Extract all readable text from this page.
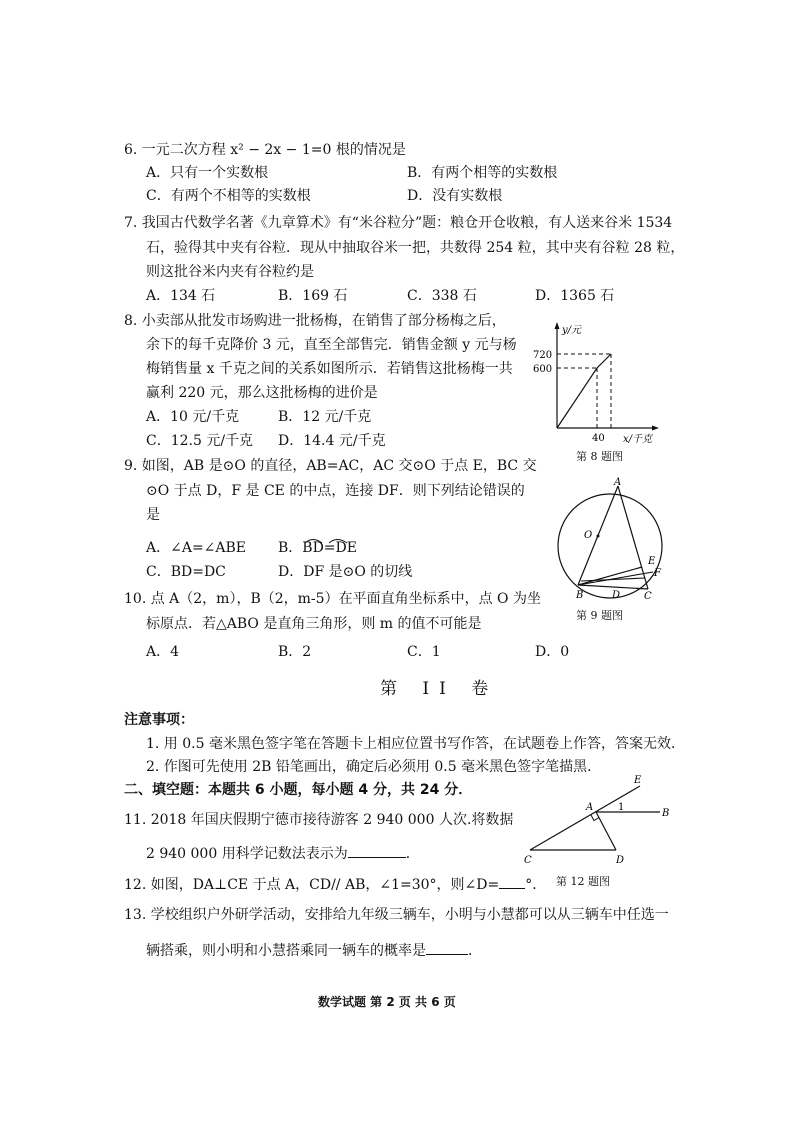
6. 一元二次方程 x² − 2x − 1=0 根的情况是
A．只有一个实数根	B．有两个相等的实数根
C．有两个不相等的实数根	D．没有实数根
7. 我国古代数学名著《九章算术》有“米谷粒分”题：粮仓开仓收粮，有人送来谷米 1534
石，验得其中夹有谷粒．现从中抽取谷米一把，共数得 254 粒，其中夹有谷粒 28 粒，
则这批谷米内夹有谷粒约是
A．134 石	B．169 石	C．338 石	D．1365 石
8. 小卖部从批发市场购进一批杨梅，在销售了部分杨梅之后，
余下的每千克降价 3 元，直至全部售完．销售金额 y 元与杨
梅销售量 x 千克之间的关系如图所示．若销售这批杨梅一共
赢利 220 元，那么这批杨梅的进价是
A．10 元/千克	B．12 元/千克
C．12.5 元/千克 D．14.4 元/千克
y/元
720
600
40 x/千克
第 8 题图
9. 如图，AB 是⊙O 的直径，AB=AC，AC 交⊙O 于点 E，BC 交
⊙O 于点 D，F 是 CE 的中点，连接 DF．则下列结论错误的
是
A．∠A=∠ABE B．BD=DE
C．BD=DC	D．DF 是⊙O 的切线
A
O
E
F
B	D C
第 9 题图
10. 点 A（2，m），B（2，m-5）在平面直角坐标系中，点 O 为坐
标原点．若△ABO 是直角三角形，则 m 的值不可能是
A．4	B．2	C．1	D．0
第 II 卷
注意事项：
1. 用 0.5 毫米黑色签字笔在答题卡上相应位置书写作答，在试题卷上作答，答案无效．
2. 作图可先使用 2B 铅笔画出，确定后必须用 0.5 毫米黑色签字笔描黑．
二、填空题：本题共 6 小题，每小题 4 分，共 24 分．
11. 2018 年国庆假期宁德市接待游客 2 940 000 人次.将数据
2 940 000 用科学记数法表示为	．
E
A 1
B
C	D
第 12 题图
12. 如图，DA⊥CE 于点 A，CD// AB，∠1=30°，则∠D= °．
13. 学校组织户外研学活动，安排给九年级三辆车，小明与小慧都可以从三辆车中任选一
辆搭乘，则小明和小慧搭乘同一辆车的概率是	．
数学试题 第 2 页 共 6 页
